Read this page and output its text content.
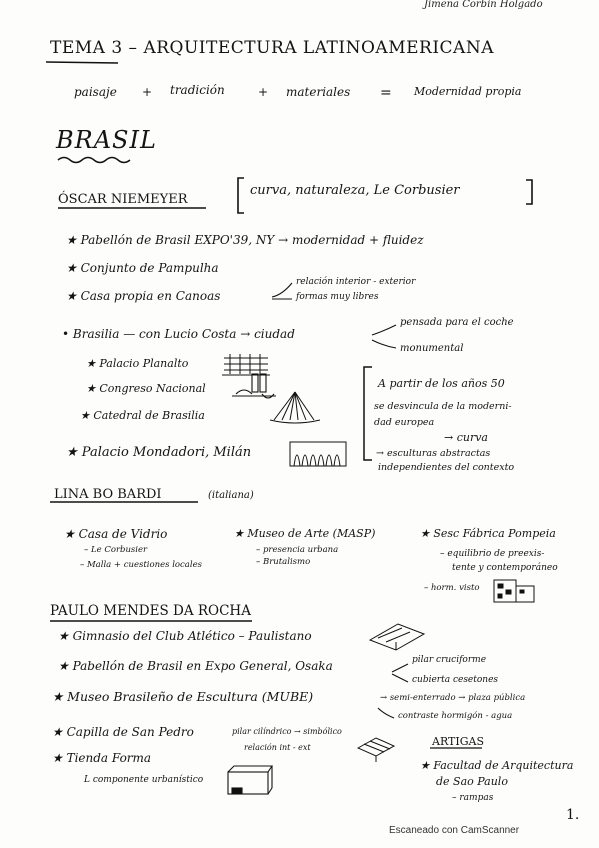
Jimena Corbín Holgado
TEMA 3 – ARQUITECTURA LATINOAMERICANA
paisaje + tradición	+ materiales = Modernidad propia
BRASIL
ÓSCAR NIEMEYER
curva, naturaleza, Le Corbusier
★ Pabellón de Brasil EXPO'39, NY → modernidad + fluidez
★ Conjunto de Pampulha
★ Casa propia en Canoas
relación interior - exterior
formas muy libres
• Brasilia — con Lucio Costa → ciudad
pensada para el coche
monumental
★ Palacio Planalto
★ Congreso Nacional
★ Catedral de Brasilia
★ Palacio Mondadori, Milán
A partir de los años 50
se desvincula de la moderni-
dad europea
→ curva
→ esculturas abstractas
independientes del contexto
LINA BO BARDI	(italiana)
★ Casa de Vidrio
– Le Corbusier
– Malla + cuestiones locales
★ Museo de Arte (MASP)
– presencia urbana
– Brutalismo
★ Sesc Fábrica Pompeia
– equilibrio de preexis-
tente y contemporáneo
– horm. visto
PAULO MENDES DA ROCHA
★ Gimnasio del Club Atlético – Paulistano
★ Pabellón de Brasil en Expo General, Osaka	pilar cruciforme
cubierta cesetones
★ Museo Brasileño de Escultura (MUBE)	→ semi-enterrado → plaza pública
contraste hormigón - agua
★ Capilla de San Pedro	pilar cilíndrico → simbólico
relación int - ext
★ Tienda Forma
L componente urbanístico
ARTIGAS
★ Facultad de Arquitectura
de Sao Paulo
– rampas
1.
Escaneado con CamScanner
